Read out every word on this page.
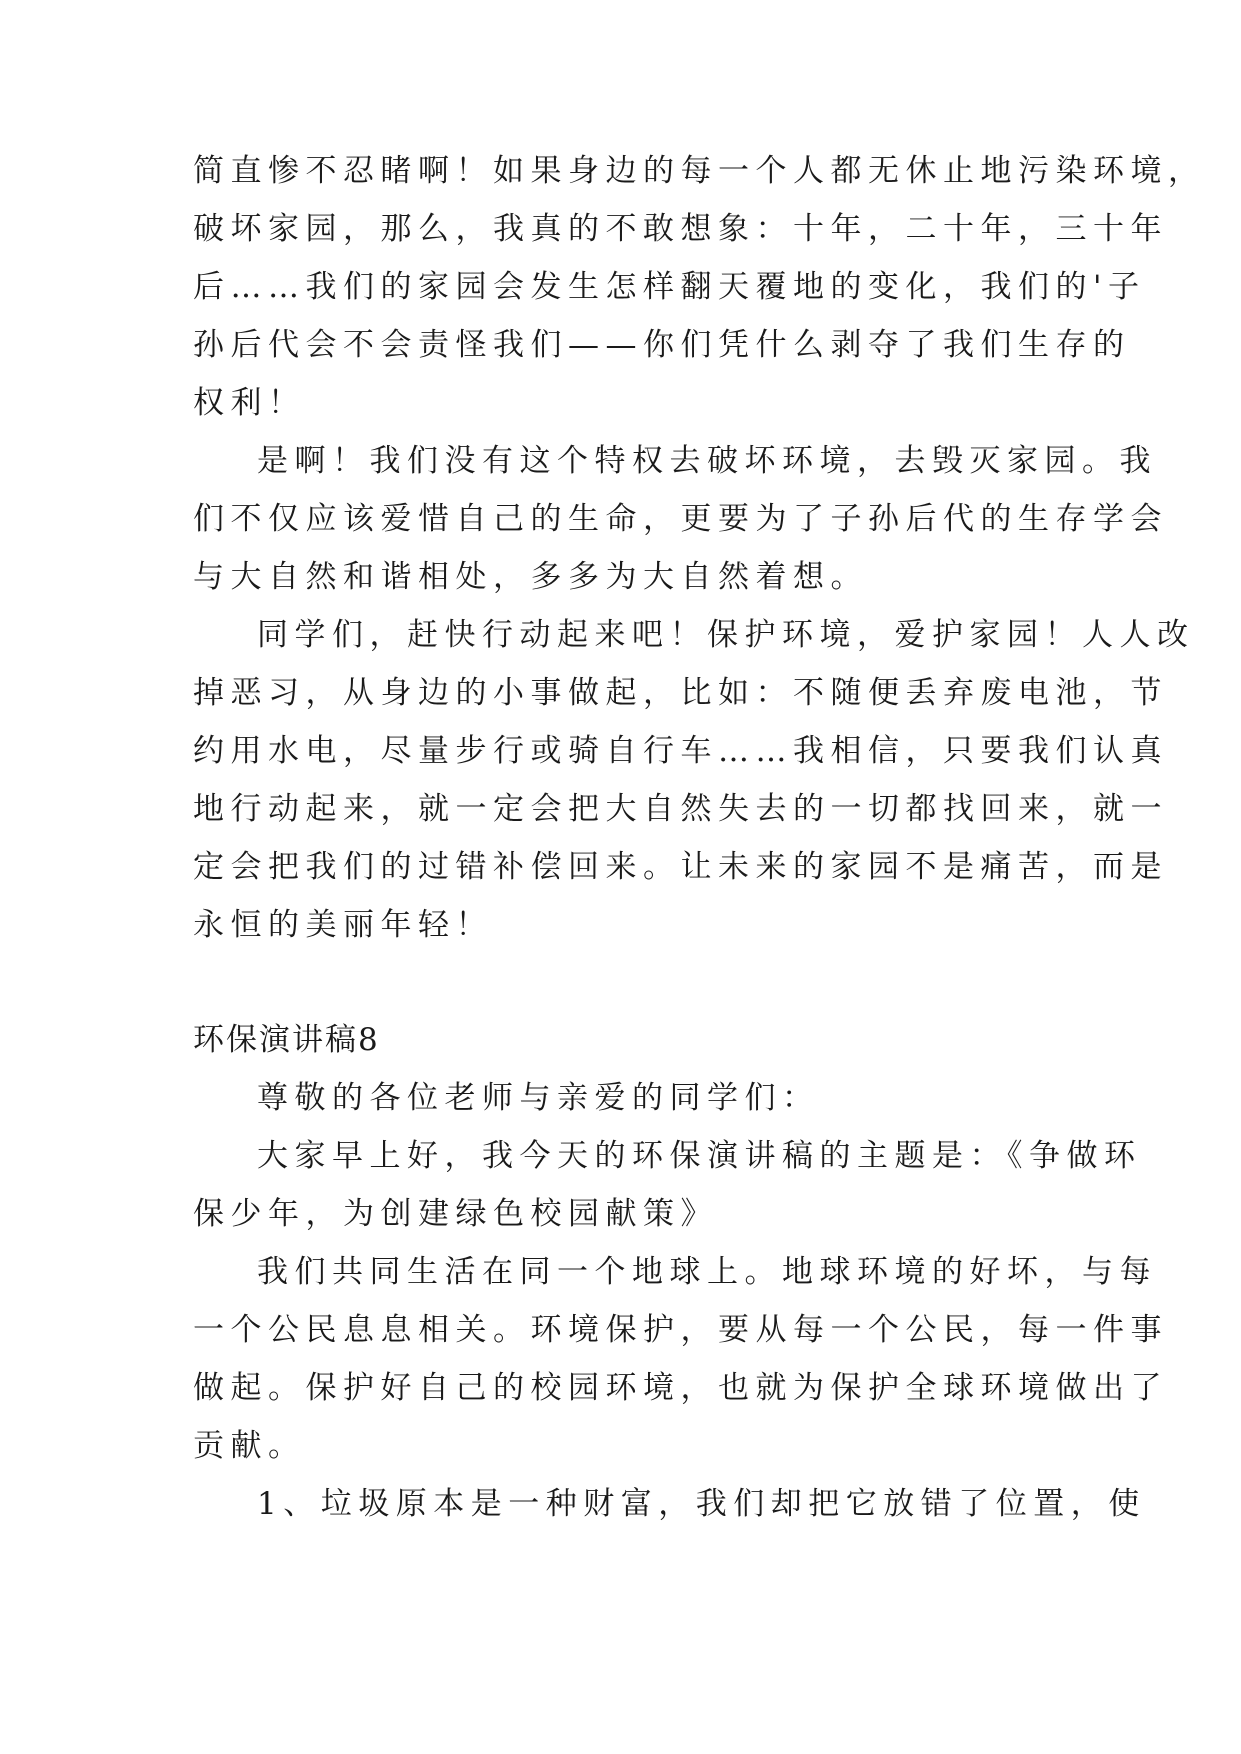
简直惨不忍睹啊！如果身边的每一个人都无休止地污染环境，
破坏家园，那么，我真的不敢想象：十年，二十年，三十年
后……我们的家园会发生怎样翻天覆地的变化，我们的'子
孙后代会不会责怪我们——你们凭什么剥夺了我们生存的
权利！
是啊！我们没有这个特权去破坏环境，去毁灭家园。我
们不仅应该爱惜自己的生命，更要为了子孙后代的生存学会
与大自然和谐相处，多多为大自然着想。
同学们，赶快行动起来吧！保护环境，爱护家园！人人改
掉恶习，从身边的小事做起，比如：不随便丢弃废电池，节
约用水电，尽量步行或骑自行车……我相信，只要我们认真
地行动起来，就一定会把大自然失去的一切都找回来，就一
定会把我们的过错补偿回来。让未来的家园不是痛苦，而是
永恒的美丽年轻！
环保演讲稿8
尊敬的各位老师与亲爱的同学们：
大家早上好，我今天的环保演讲稿的主题是：《争做环
保少年，为创建绿色校园献策》
我们共同生活在同一个地球上。地球环境的好坏，与每
一个公民息息相关。环境保护，要从每一个公民，每一件事
做起。保护好自己的校园环境，也就为保护全球环境做出了
贡献。
1、垃圾原本是一种财富，我们却把它放错了位置，使
